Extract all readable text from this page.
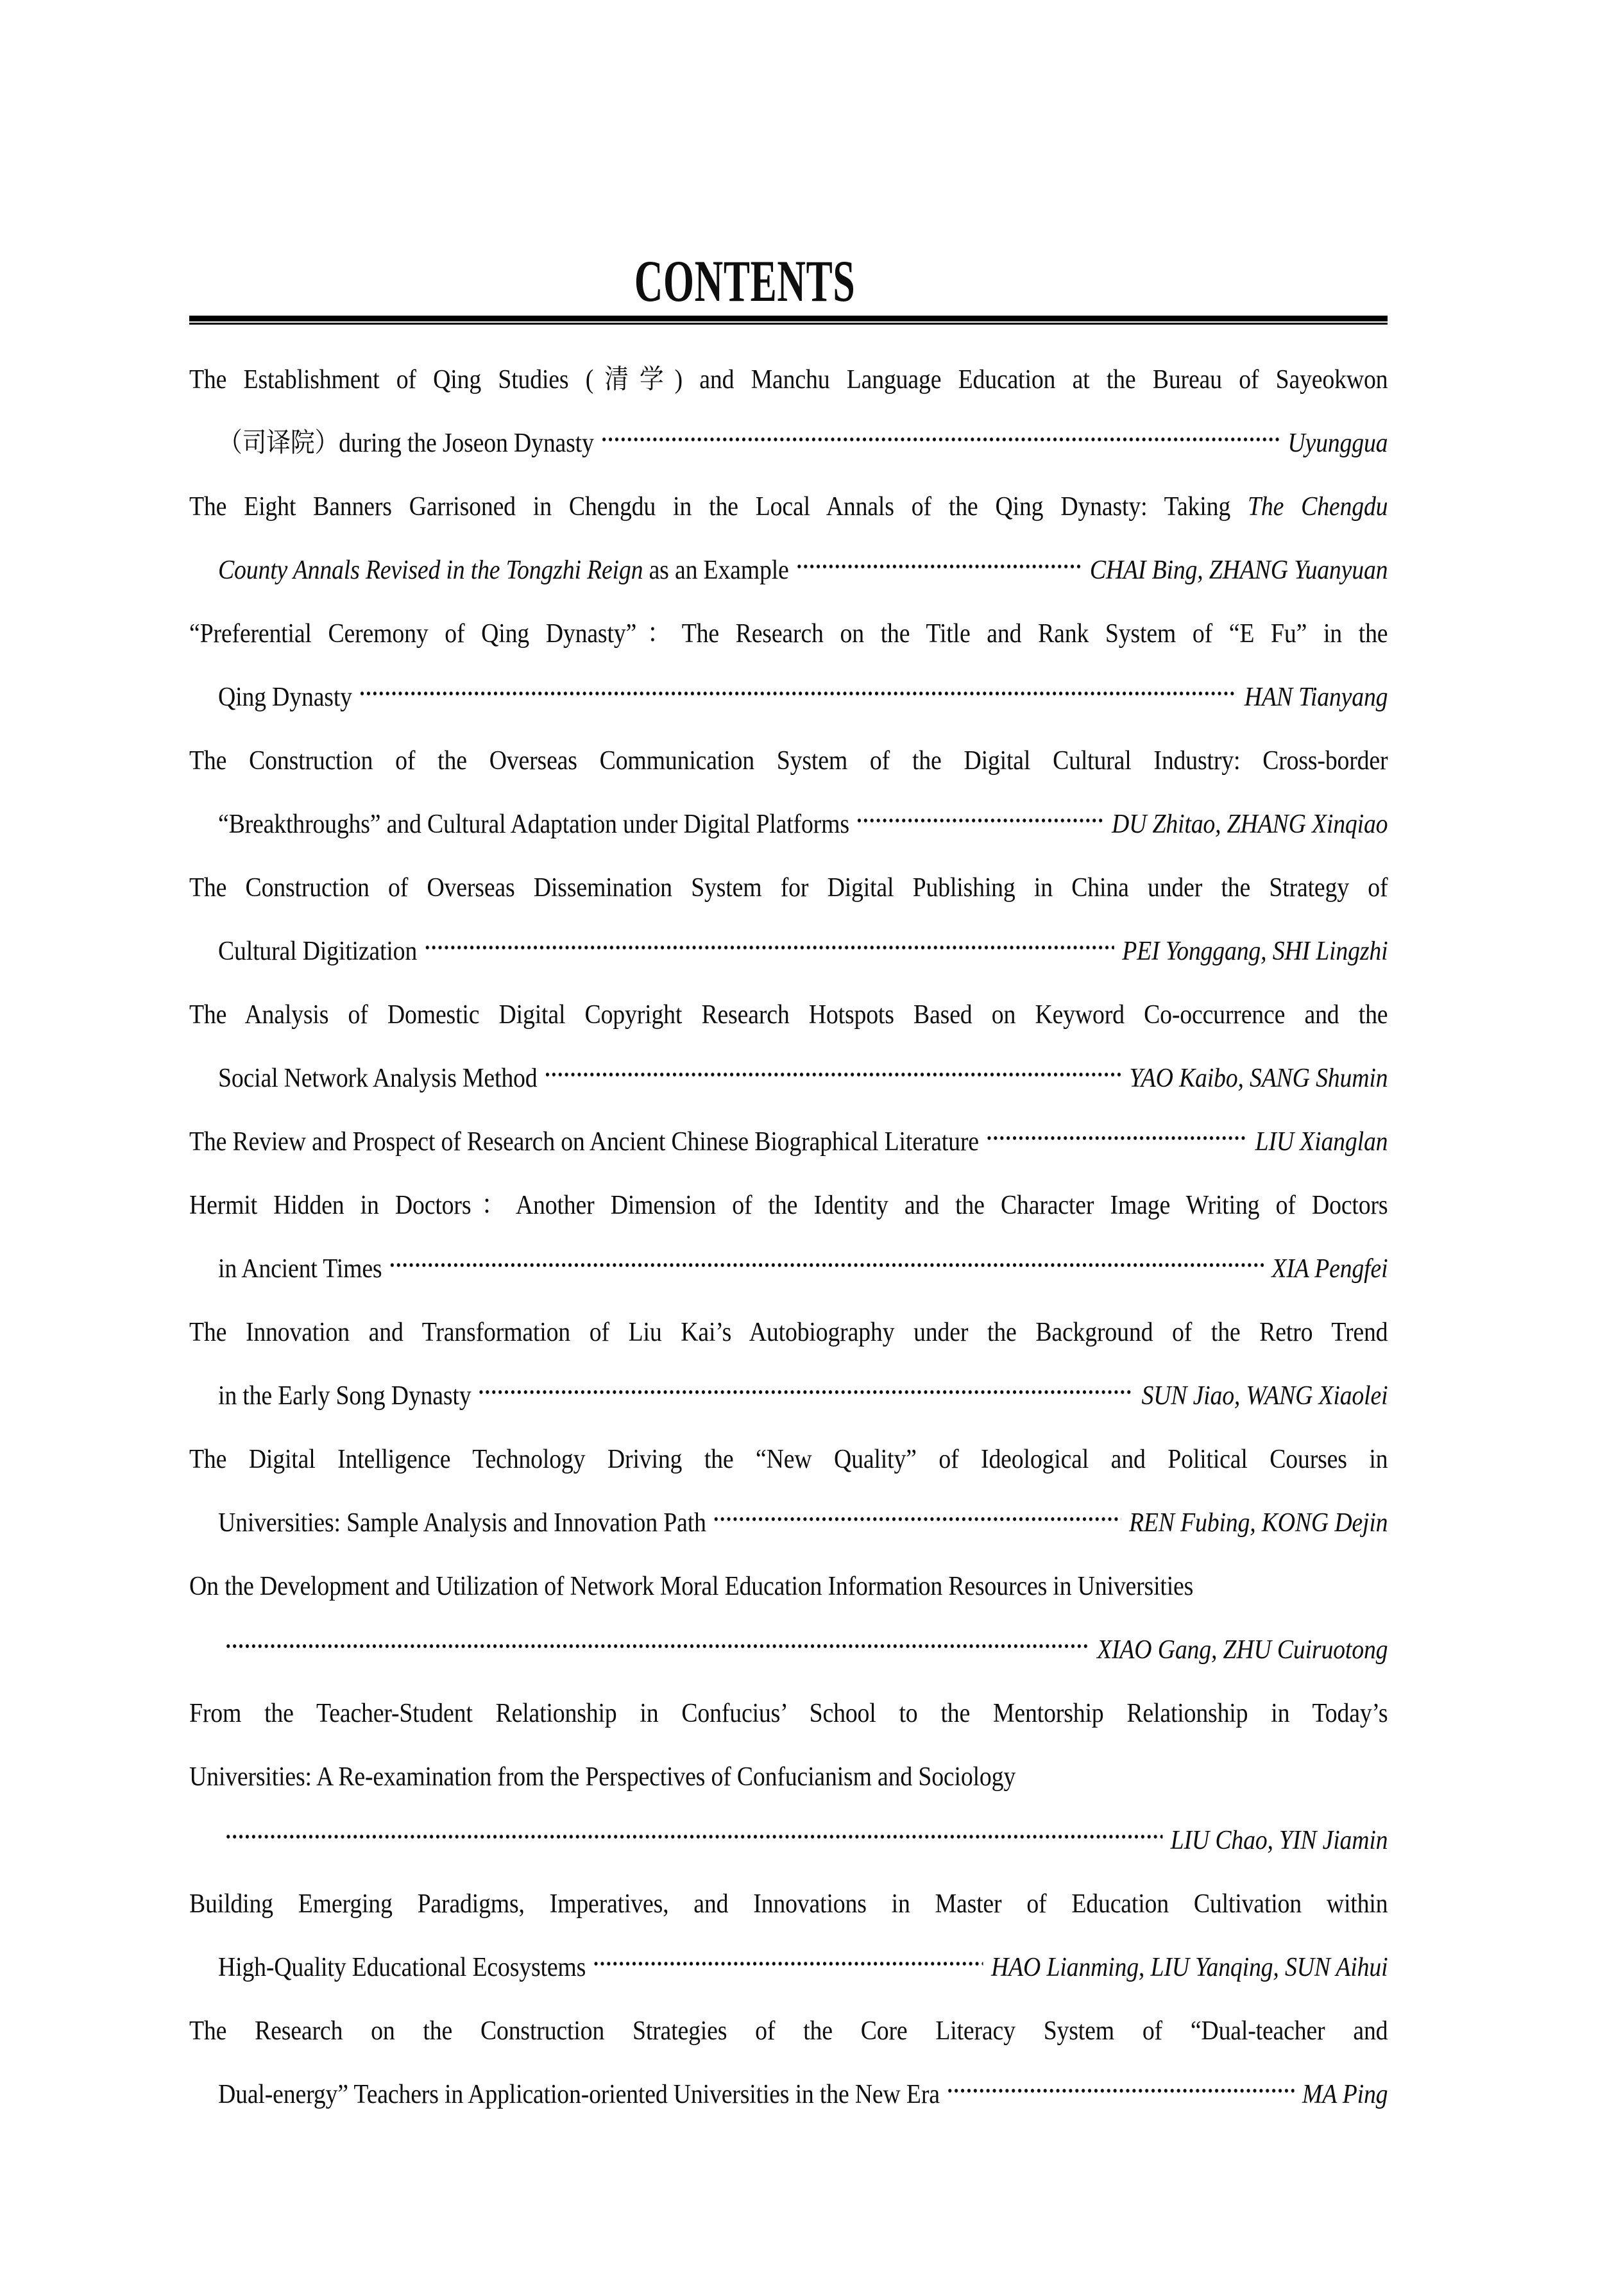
CONTENTS
The Establishment of Qing Studies (清学) and Manchu Language Education at the Bureau of Sayeokwon
（司译院）during the Joseon Dynasty	Uyunggua
The Eight Banners Garrisoned in Chengdu in the Local Annals of the Qing Dynasty: Taking The Chengdu
County Annals Revised in the Tongzhi Reign as an Example	CHAI Bing, ZHANG Yuanyuan
“Preferential Ceremony of Qing Dynasty”：The Research on the Title and Rank System of “E Fu” in the
Qing Dynasty	HAN Tianyang
The Construction of the Overseas Communication System of the Digital Cultural Industry: Cross-border
“Breakthroughs” and Cultural Adaptation under Digital Platforms	DU Zhitao, ZHANG Xinqiao
The Construction of Overseas Dissemination System for Digital Publishing in China under the Strategy of
Cultural Digitization	PEI Yonggang, SHI Lingzhi
The Analysis of Domestic Digital Copyright Research Hotspots Based on Keyword Co-occurrence and the
Social Network Analysis Method	YAO Kaibo, SANG Shumin
The Review and Prospect of Research on Ancient Chinese Biographical Literature	LIU Xianglan
Hermit Hidden in Doctors：Another Dimension of the Identity and the Character Image Writing of Doctors
in Ancient Times	XIA Pengfei
The Innovation and Transformation of Liu Kai’s Autobiography under the Background of the Retro Trend
in the Early Song Dynasty	SUN Jiao, WANG Xiaolei
The Digital Intelligence Technology Driving the “New Quality” of Ideological and Political Courses in
Universities: Sample Analysis and Innovation Path	REN Fubing, KONG Dejin
On the Development and Utilization of Network Moral Education Information Resources in Universities
XIAO Gang, ZHU Cuiruotong
From the Teacher-Student Relationship in Confucius’ School to the Mentorship Relationship in Today’s
Universities: A Re-examination from the Perspectives of Confucianism and Sociology
LIU Chao, YIN Jiamin
Building Emerging Paradigms, Imperatives, and Innovations in Master of Education Cultivation within
High-Quality Educational Ecosystems	HAO Lianming, LIU Yanqing, SUN Aihui
The Research on the Construction Strategies of the Core Literacy System of “Dual-teacher and
Dual-energy” Teachers in Application-oriented Universities in the New Era	MA Ping
